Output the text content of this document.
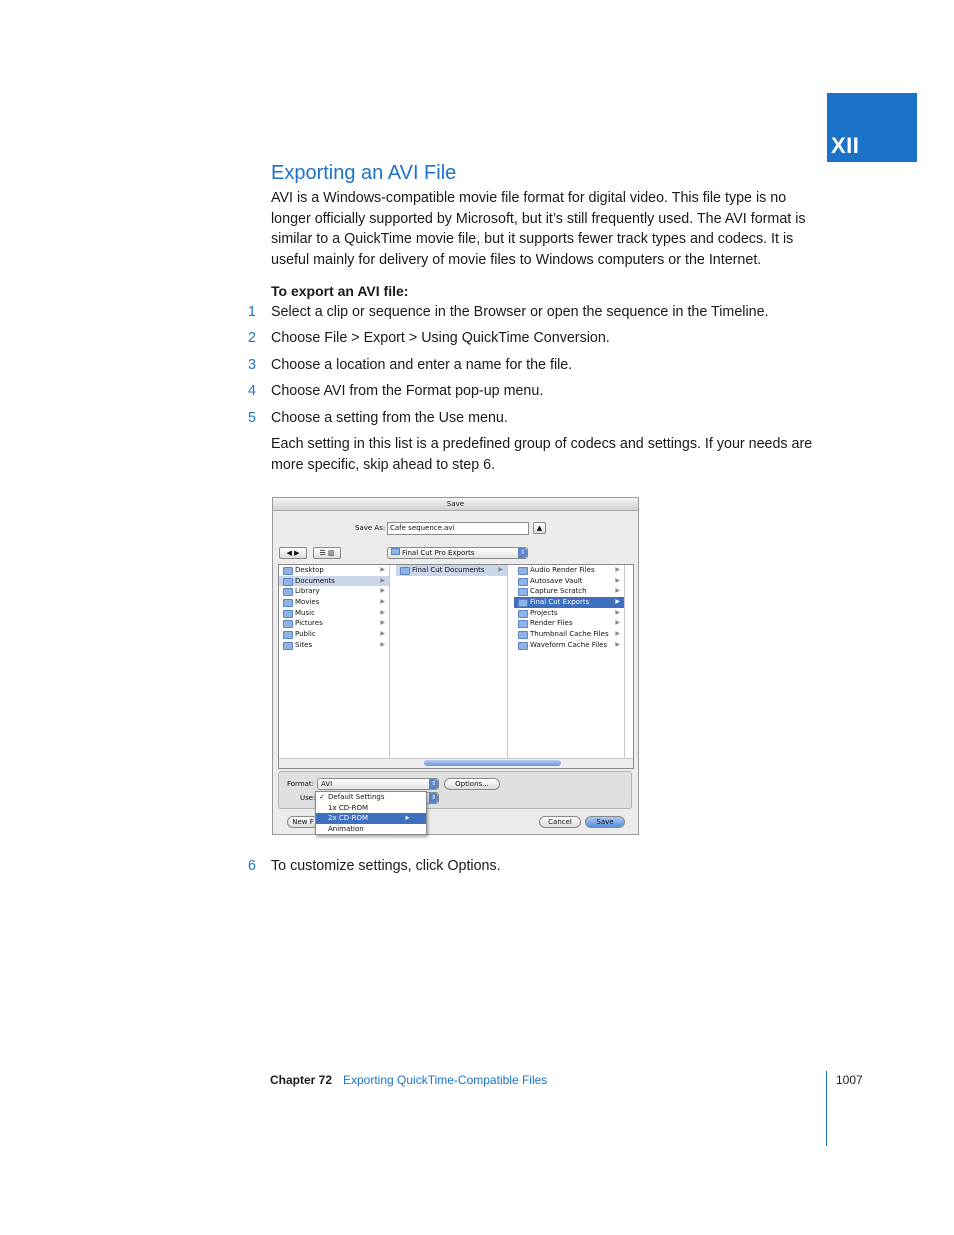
XII
Exporting an AVI File

AVI is a Windows-compatible movie file format for digital video. This file type is no longer officially supported by Microsoft, but it’s still frequently used. The AVI format is similar to a QuickTime movie file, but it supports fewer track types and codecs. It is useful mainly for delivery of movie files to Windows computers or the Internet.

To export an AVI file:

1 Select a clip or sequence in the Browser or open the sequence in the Timeline.
2 Choose File > Export > Using QuickTime Conversion.
3 Choose a location and enter a name for the file.
4 Choose AVI from the Format pop-up menu.
5 Choose a setting from the Use menu.

Each setting in this list is a predefined group of codecs and settings. If your needs are more specific, skip ahead to step 6.

Save
Save As: Cafe sequence.avi	▲
◀ ▶	☰ ▥	Final Cut Pro Exports	⇕
Desktop	▶
Documents	▶
Library	▶
Movies	▶
Music	▶
Pictures	▶
Public	▶
Sites	▶
Final Cut Documents ▶	Audio Render Files	▶
Autosave Vault	▶
Capture Scratch	▶
Final Cut Exports	▶
Projects	▶
Render Files	▶
Thumbnail Cache Files ▶
Waveform Cache Files ▶
Format: AVI	⇕	Options...
Use:	⇕
New F	Cancel	Save
✓ Default Settings
1x CD-ROM
2x CD-ROM	➤
Animation
6 To customize settings, click Options.
Chapter 72 Exporting QuickTime-Compatible Files	1007
